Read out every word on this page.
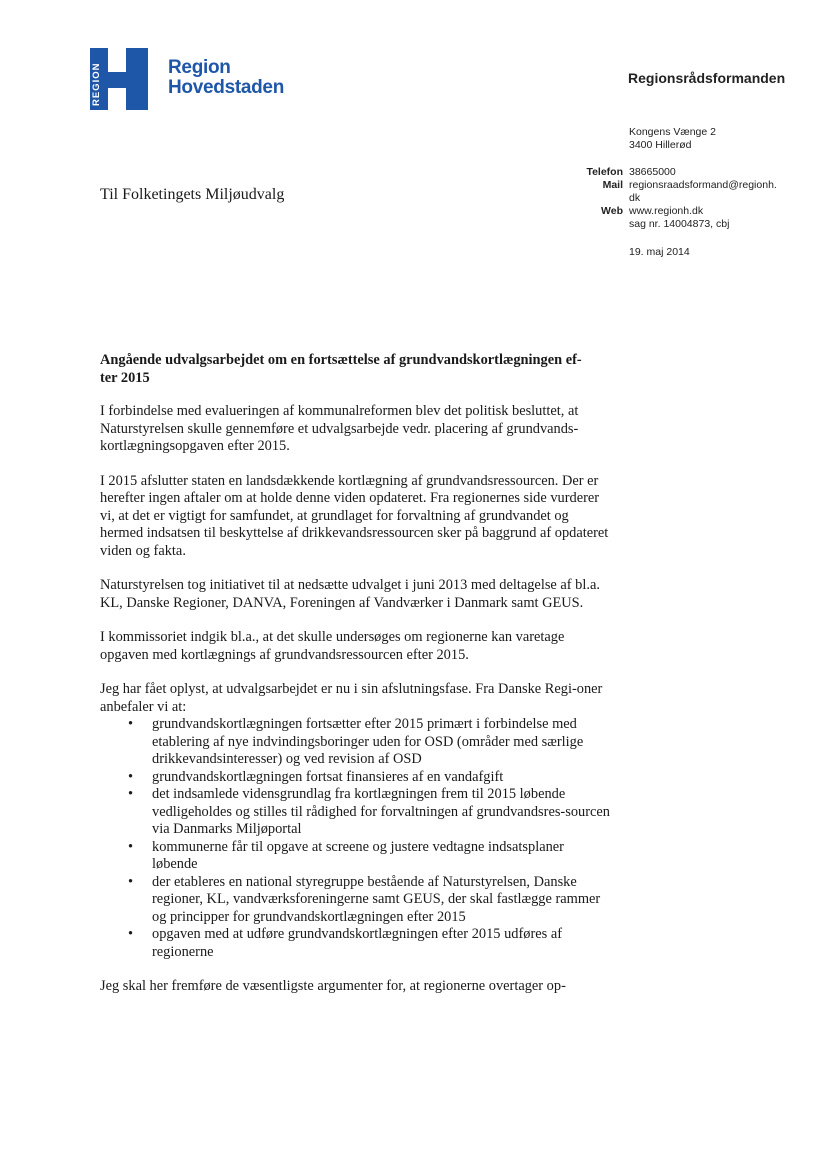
REGION	Region
Hovedstaden	Regionsrådsformanden
Kongens Vænge 2
3400 Hillerød
Telefon 38665000
Mail regionsraadsformand@regionh.
dk
Web www.regionh.dk
sag nr. 14004873, cbj
19. maj 2014
Til Folketingets Miljøudvalg
Angående udvalgsarbejdet om en fortsættelse af grundvandskortlægningen ef-
ter 2015

I forbindelse med evalueringen af kommunalreformen blev det politisk besluttet, at Naturstyrelsen skulle gennemføre et udvalgsarbejde vedr. placering af grundvands-kortlægningsopgaven efter 2015.

I 2015 afslutter staten en landsdækkende kortlægning af grundvandsressourcen. Der er herefter ingen aftaler om at holde denne viden opdateret. Fra regionernes side vurderer vi, at det er vigtigt for samfundet, at grundlaget for forvaltning af grundvandet og hermed indsatsen til beskyttelse af drikkevandsressourcen sker på baggrund af opdateret viden og fakta.

Naturstyrelsen tog initiativet til at nedsætte udvalget i juni 2013 med deltagelse af bl.a. KL, Danske Regioner, DANVA, Foreningen af Vandværker i Danmark samt GEUS.

I kommissoriet indgik bl.a., at det skulle undersøges om regionerne kan varetage opgaven med kortlægnings af grundvandsressourcen efter 2015.

Jeg har fået oplyst, at udvalgsarbejdet er nu i sin afslutningsfase. Fra Danske Regi-oner anbefaler vi at:

• grundvandskortlægningen fortsætter efter 2015 primært i forbindelse med etablering af nye indvindingsboringer uden for OSD (områder med særlige drikkevandsinteresser) og ved revision af OSD
• grundvandskortlægningen fortsat finansieres af en vandafgift
• det indsamlede vidensgrundlag fra kortlægningen frem til 2015 løbende vedligeholdes og stilles til rådighed for forvaltningen af grundvandsres-sourcen via Danmarks Miljøportal
• kommunerne får til opgave at screene og justere vedtagne indsatsplaner løbende
• der etableres en national styregruppe bestående af Naturstyrelsen, Danske regioner, KL, vandværksforeningerne samt GEUS, der skal fastlægge rammer og principper for grundvandskortlægningen efter 2015
• opgaven med at udføre grundvandskortlægningen efter 2015 udføres af regionerne

Jeg skal her fremføre de væsentligste argumenter for, at regionerne overtager op-
